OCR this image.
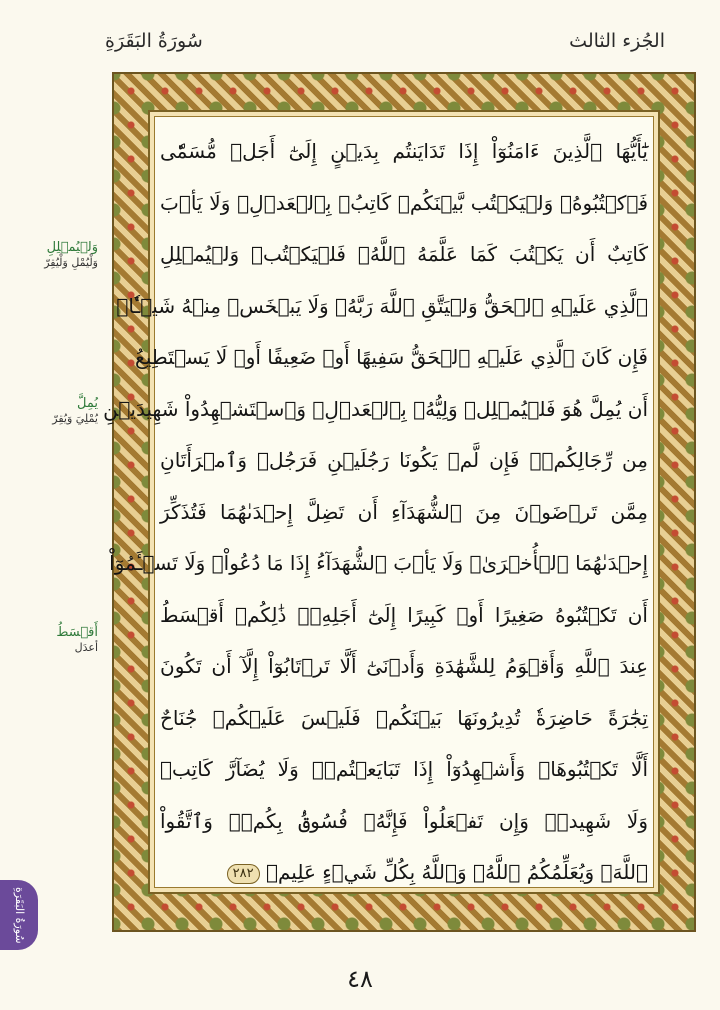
الجُزء الثالث
سُورَةُ البَقَرَةِ
وَلۡيُمۡلِلِ
وَلْيُمْلِ وَلْيُقِرّ
يُمِلَّ
يُمْلِيَ وَيُقِرّ
أَقۡسَطُ
أعدَل
يَٰٓأَيُّهَا ٱلَّذِينَ ءَامَنُوٓاْ إِذَا تَدَايَنتُم بِدَيۡنٍ إِلَىٰٓ أَجَلٖ مُّسَمّٗى
فَٱكۡتُبُوهُۚ وَلۡيَكۡتُب بَّيۡنَكُمۡ كَاتِبُۢ بِٱلۡعَدۡلِۚ وَلَا يَأۡبَ
كَاتِبٌ أَن يَكۡتُبَ كَمَا عَلَّمَهُ ٱللَّهُۚ فَلۡيَكۡتُبۡ وَلۡيُمۡلِلِ
ٱلَّذِي عَلَيۡهِ ٱلۡحَقُّ وَلۡيَتَّقِ ٱللَّهَ رَبَّهُۥ وَلَا يَبۡخَسۡ مِنۡهُ شَيۡـٔٗاۚ
فَإِن كَانَ ٱلَّذِي عَلَيۡهِ ٱلۡحَقُّ سَفِيهًا أَوۡ ضَعِيفًا أَوۡ لَا يَسۡتَطِيعُ
أَن يُمِلَّ هُوَ فَلۡيُمۡلِلۡ وَلِيُّهُۥ بِٱلۡعَدۡلِۚ وَٱسۡتَشۡهِدُواْ شَهِيدَيۡنِ
مِن رِّجَالِكُمۡۖ فَإِن لَّمۡ يَكُونَا رَجُلَيۡنِ فَرَجُلٞ وَٱمۡرَأَتَانِ
مِمَّن تَرۡضَوۡنَ مِنَ ٱلشُّهَدَآءِ أَن تَضِلَّ إِحۡدَىٰهُمَا فَتُذَكِّرَ
إِحۡدَىٰهُمَا ٱلۡأُخۡرَىٰۚ وَلَا يَأۡبَ ٱلشُّهَدَآءُ إِذَا مَا دُعُواْۚ وَلَا تَسۡـَٔمُوٓاْ
أَن تَكۡتُبُوهُ صَغِيرًا أَوۡ كَبِيرًا إِلَىٰٓ أَجَلِهِۦۚ ذَٰلِكُمۡ أَقۡسَطُ
عِندَ ٱللَّهِ وَأَقۡوَمُ لِلشَّهَٰدَةِ وَأَدۡنَىٰٓ أَلَّا تَرۡتَابُوٓاْ إِلَّآ أَن تَكُونَ
تِجَٰرَةً حَاضِرَةٗ تُدِيرُونَهَا بَيۡنَكُمۡ فَلَيۡسَ عَلَيۡكُمۡ جُنَاحٌ
أَلَّا تَكۡتُبُوهَاۗ وَأَشۡهِدُوٓاْ إِذَا تَبَايَعۡتُمۡۚ وَلَا يُضَآرَّ كَاتِبٞ
وَلَا شَهِيدٞۚ وَإِن تَفۡعَلُواْ فَإِنَّهُۥ فُسُوقُۢ بِكُمۡۗ وَٱتَّقُواْ
ٱللَّهَۖ وَيُعَلِّمُكُمُ ٱللَّهُۗ وَٱللَّهُ بِكُلِّ شَيۡءٍ عَلِيمٞ ٢٨٢
٤٨
سُورَةُ البَقَرَةِ
